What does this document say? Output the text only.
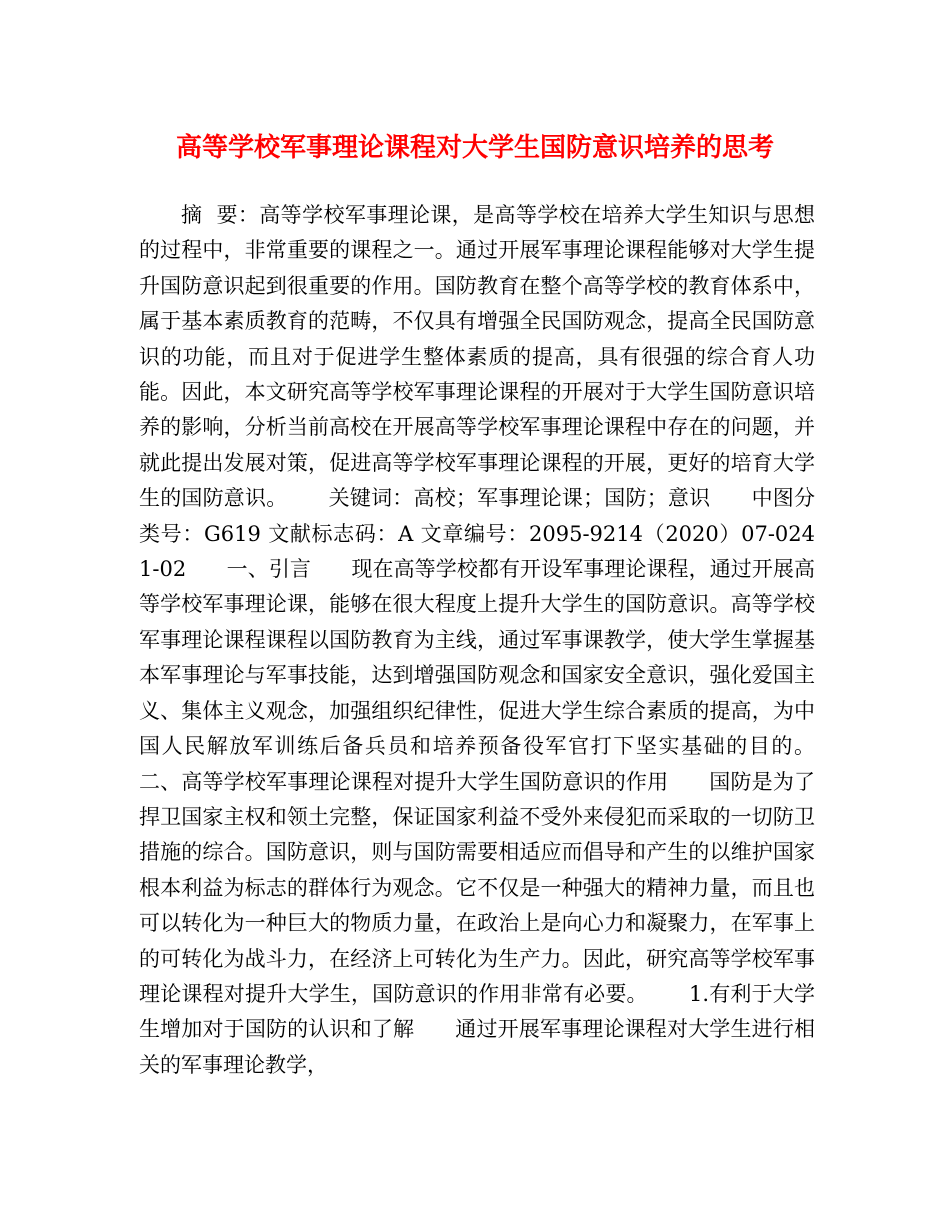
高等学校军事理论课程对大学生国防意识培养的思考

摘  要：高等学校军事理论课，是高等学校在培养大学生知识与思想的过程中，非常重要的课程之一。通过开展军事理论课程能够对大学生提升国防意识起到很重要的作用。国防教育在整个高等学校的教育体系中，属于基本素质教育的范畴，不仅具有增强全民国防观念，提高全民国防意识的功能，而且对于促进学生整体素质的提高，具有很强的综合育人功能。因此，本文研究高等学校军事理论课程的开展对于大学生国防意识培养的影响，分析当前高校在开展高等学校军事理论课程中存在的问题，并就此提出发展对策，促进高等学校军事理论课程的开展，更好的培育大学生的国防意识。      关键词：高校；军事理论课；国防；意识      中图分类号：G619 文献标志码：A 文章编号：2095-9214（2020）07-0241-02      一、引言      现在高等学校都有开设军事理论课程，通过开展高等学校军事理论课，能够在很大程度上提升大学生的国防意识。高等学校军事理论课程课程以国防教育为主线，通过军事课教学，使大学生掌握基本军事理论与军事技能，达到增强国防观念和国家安全意识，强化爱国主义、集体主义观念，加强组织纪律性，促进大学生综合素质的提高，为中国人民解放军训练后备兵员和培养预备役军官打下坚实基础的目的。      二、高等学校军事理论课程对提升大学生国防意识的作用      国防是为了捍卫国家主权和领土完整，保证国家利益不受外来侵犯而采取的一切防卫措施的综合。国防意识，则与国防需要相适应而倡导和产生的以维护国家根本利益为标志的群体行为观念。它不仅是一种强大的精神力量，而且也可以转化为一种巨大的物质力量，在政治上是向心力和凝聚力，在军事上的可转化为战斗力，在经济上可转化为生产力。因此，研究高等学校军事理论课程对提升大学生，国防意识的作用非常有必要。      1.有利于大学生增加对于国防的认识和了解      通过开展军事理论课程对大学生进行相关的军事理论教学，
